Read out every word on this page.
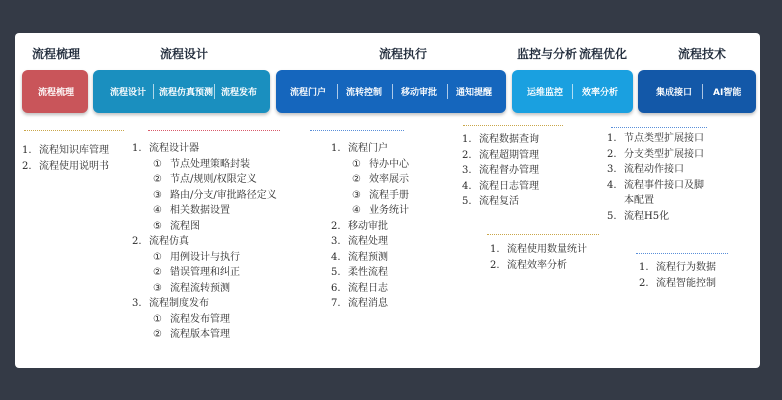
流程梳理	流程设计	流程执行	监控与分析 流程优化	流程技术
流程梳理	流程设计 流程仿真预测 流程发布	流程门户 流转控制 移动审批 通知提醒	运维监控 效率分析	集成接口 AI智能
1. 流程知识库管理
2. 流程使用说明书
1. 流程设计器
① 节点处理策略封装
② 节点/规则/权限定义
③ 路由/分支/审批路径定义
④ 相关数据设置
⑤ 流程图
2. 流程仿真
① 用例设计与执行
② 错误管理和纠正
③ 流程流转预测
3. 流程制度发布
① 流程发布管理
② 流程版本管理
1. 流程门户
① 待办中心
② 效率展示
③ 流程手册
④ 业务统计
2. 移动审批
3. 流程处理
4. 流程预测
5. 柔性流程
6. 流程日志
7. 流程消息
1. 流程数据查询
2. 流程超期管理
3. 流程督办管理
4. 流程日志管理
5. 流程复活
1. 流程使用数量统计
2. 流程效率分析
1. 节点类型扩展接口
2. 分支类型扩展接口
3. 流程动作接口
4. 流程事件接口及脚
本配置
5. 流程H5化
1. 流程行为数据
2. 流程智能控制
